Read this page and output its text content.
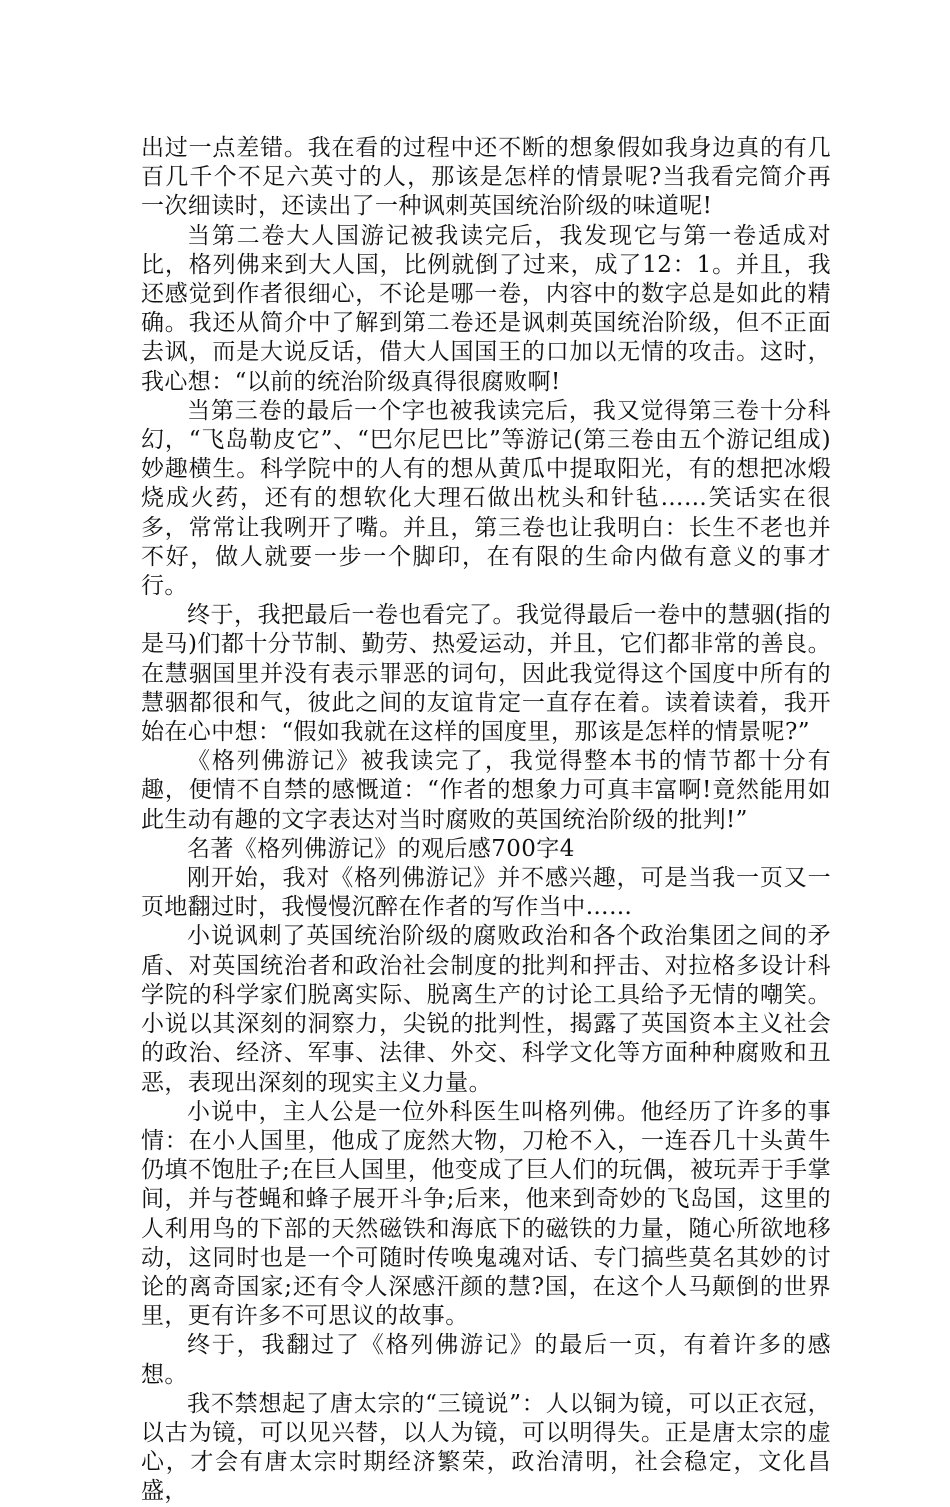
出过一点差错。我在看的过程中还不断的想象假如我身边真的有几百几千个不足六英寸的人，那该是怎样的情景呢?当我看完简介再一次细读时，还读出了一种讽刺英国统治阶级的味道呢!

当第二卷大人国游记被我读完后，我发现它与第一卷适成对比，格列佛来到大人国，比例就倒了过来，成了12：1。并且，我还感觉到作者很细心，不论是哪一卷，内容中的数字总是如此的精确。我还从简介中了解到第二卷还是讽刺英国统治阶级，但不正面去讽，而是大说反话，借大人国国王的口加以无情的攻击。这时，我心想：“以前的统治阶级真得很腐败啊!

当第三卷的最后一个字也被我读完后，我又觉得第三卷十分科幻，“飞岛勒皮它”、“巴尔尼巴比”等游记(第三卷由五个游记组成)妙趣横生。科学院中的人有的想从黄瓜中提取阳光，有的想把冰煅烧成火药，还有的想软化大理石做出枕头和针毡……笑话实在很多，常常让我咧开了嘴。并且，第三卷也让我明白：长生不老也并不好，做人就要一步一个脚印，在有限的生命内做有意义的事才行。

终于，我把最后一卷也看完了。我觉得最后一卷中的慧骃(指的是马)们都十分节制、勤劳、热爱运动，并且，它们都非常的善良。在慧骃国里并没有表示罪恶的词句，因此我觉得这个国度中所有的慧骃都很和气，彼此之间的友谊肯定一直存在着。读着读着，我开始在心中想：“假如我就在这样的国度里，那该是怎样的情景呢?”

《格列佛游记》被我读完了，我觉得整本书的情节都十分有趣，便情不自禁的感慨道：“作者的想象力可真丰富啊!竟然能用如此生动有趣的文字表达对当时腐败的英国统治阶级的批判!”

名著《格列佛游记》的观后感700字4

刚开始，我对《格列佛游记》并不感兴趣，可是当我一页又一页地翻过时，我慢慢沉醉在作者的写作当中……

小说讽刺了英国统治阶级的腐败政治和各个政治集团之间的矛盾、对英国统治者和政治社会制度的批判和抨击、对拉格多设计科学院的科学家们脱离实际、脱离生产的讨论工具给予无情的嘲笑。小说以其深刻的洞察力，尖锐的批判性，揭露了英国资本主义社会的政治、经济、军事、法律、外交、科学文化等方面种种腐败和丑恶，表现出深刻的现实主义力量。

小说中，主人公是一位外科医生叫格列佛。他经历了许多的事情：在小人国里，他成了庞然大物，刀枪不入，一连吞几十头黄牛仍填不饱肚子;在巨人国里，他变成了巨人们的玩偶，被玩弄于手掌间，并与苍蝇和蜂子展开斗争;后来，他来到奇妙的飞岛国，这里的人利用鸟的下部的天然磁铁和海底下的磁铁的力量，随心所欲地移动，这同时也是一个可随时传唤鬼魂对话、专门搞些莫名其妙的讨论的离奇国家;还有令人深感汗颜的慧?国，在这个人马颠倒的世界里，更有许多不可思议的故事。

终于，我翻过了《格列佛游记》的最后一页，有着许多的感想。

我不禁想起了唐太宗的“三镜说”：人以铜为镜，可以正衣冠，以古为镜，可以见兴替，以人为镜，可以明得失。正是唐太宗的虚心，才会有唐太宗时期经济繁荣，政治清明，社会稳定，文化昌盛，
